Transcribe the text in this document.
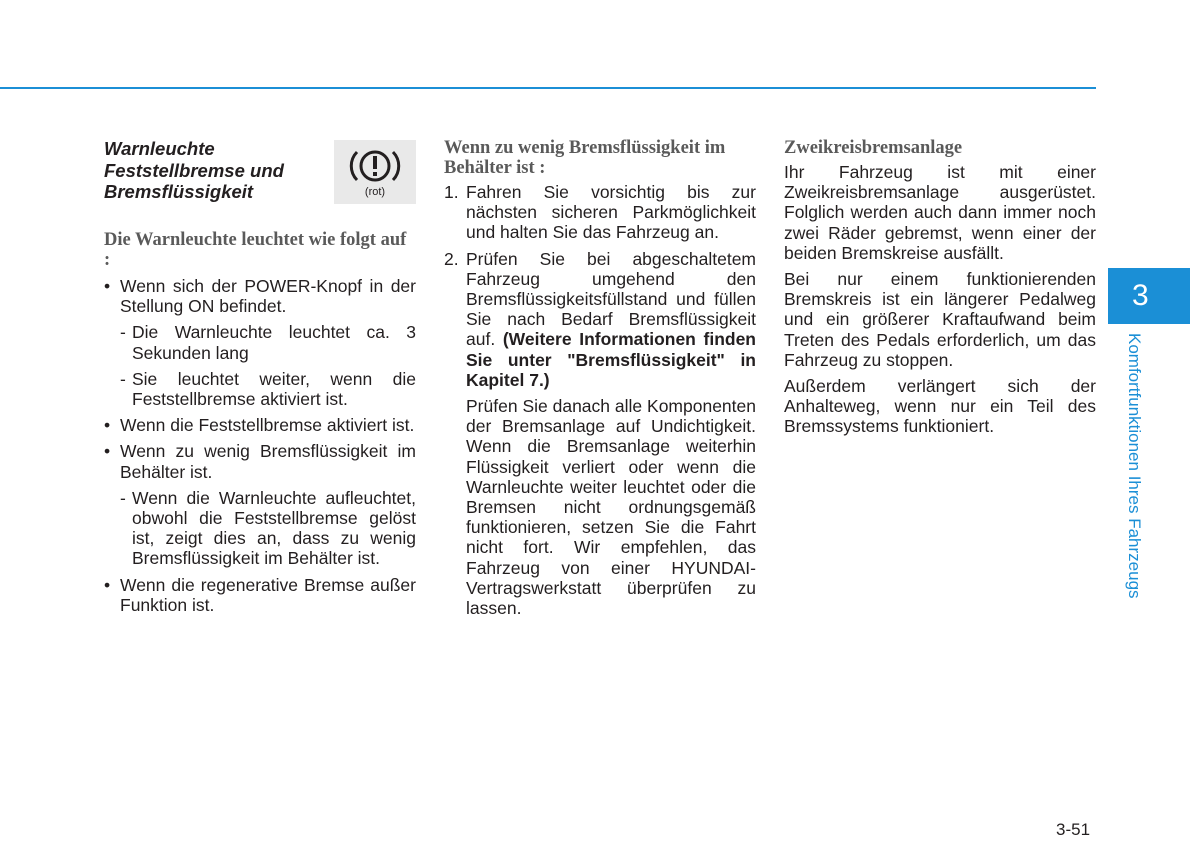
Warnleuchte Feststellbremse und Bremsflüssigkeit	(rot)

Die Warnleuchte leuchtet wie folgt auf :

• Wenn sich der POWER-Knopf in der Stellung ON befindet.
- Die Warnleuchte leuchtet ca. 3 Sekunden lang
- Sie leuchtet weiter, wenn die Feststellbremse aktiviert ist.
• Wenn die Feststellbremse aktiviert ist.
• Wenn zu wenig Bremsflüssigkeit im Behälter ist.
- Wenn die Warnleuchte aufleuchtet, obwohl die Feststellbremse gelöst ist, zeigt dies an, dass zu wenig Bremsflüssigkeit im Behälter ist.
• Wenn die regenerative Bremse außer Funktion ist.

Wenn zu wenig Bremsflüssigkeit im Behälter ist :

1. Fahren Sie vorsichtig bis zur nächsten sicheren Parkmöglichkeit und halten Sie das Fahrzeug an.
2. Prüfen Sie bei abgeschaltetem Fahrzeug umgehend den Bremsflüssigkeitsfüllstand und füllen Sie nach Bedarf Bremsflüssigkeit auf. (Weitere Informationen finden Sie unter "Bremsflüssigkeit" in Kapitel 7.)
Prüfen Sie danach alle Komponenten der Bremsanlage auf Undichtigkeit. Wenn die Bremsanlage weiterhin Flüssigkeit verliert oder wenn die Warnleuchte weiter leuchtet oder die Bremsen nicht ordnungsgemäß funktionieren, setzen Sie die Fahrt nicht fort. Wir empfehlen, das Fahrzeug von einer HYUNDAI-Vertragswerkstatt überprüfen zu lassen.

Zweikreisbremsanlage

Ihr Fahrzeug ist mit einer Zweikreisbremsanlage ausgerüstet. Folglich werden auch dann immer noch zwei Räder gebremst, wenn einer der beiden Bremskreise ausfällt.

Bei nur einem funktionierenden Bremskreis ist ein längerer Pedalweg und ein größerer Kraftaufwand beim Treten des Pedals erforderlich, um das Fahrzeug zu stoppen.

Außerdem verlängert sich der Anhalteweg, wenn nur ein Teil des Bremssystems funktioniert.

3
Komfortfunktionen Ihres Fahrzeugs
3-51
